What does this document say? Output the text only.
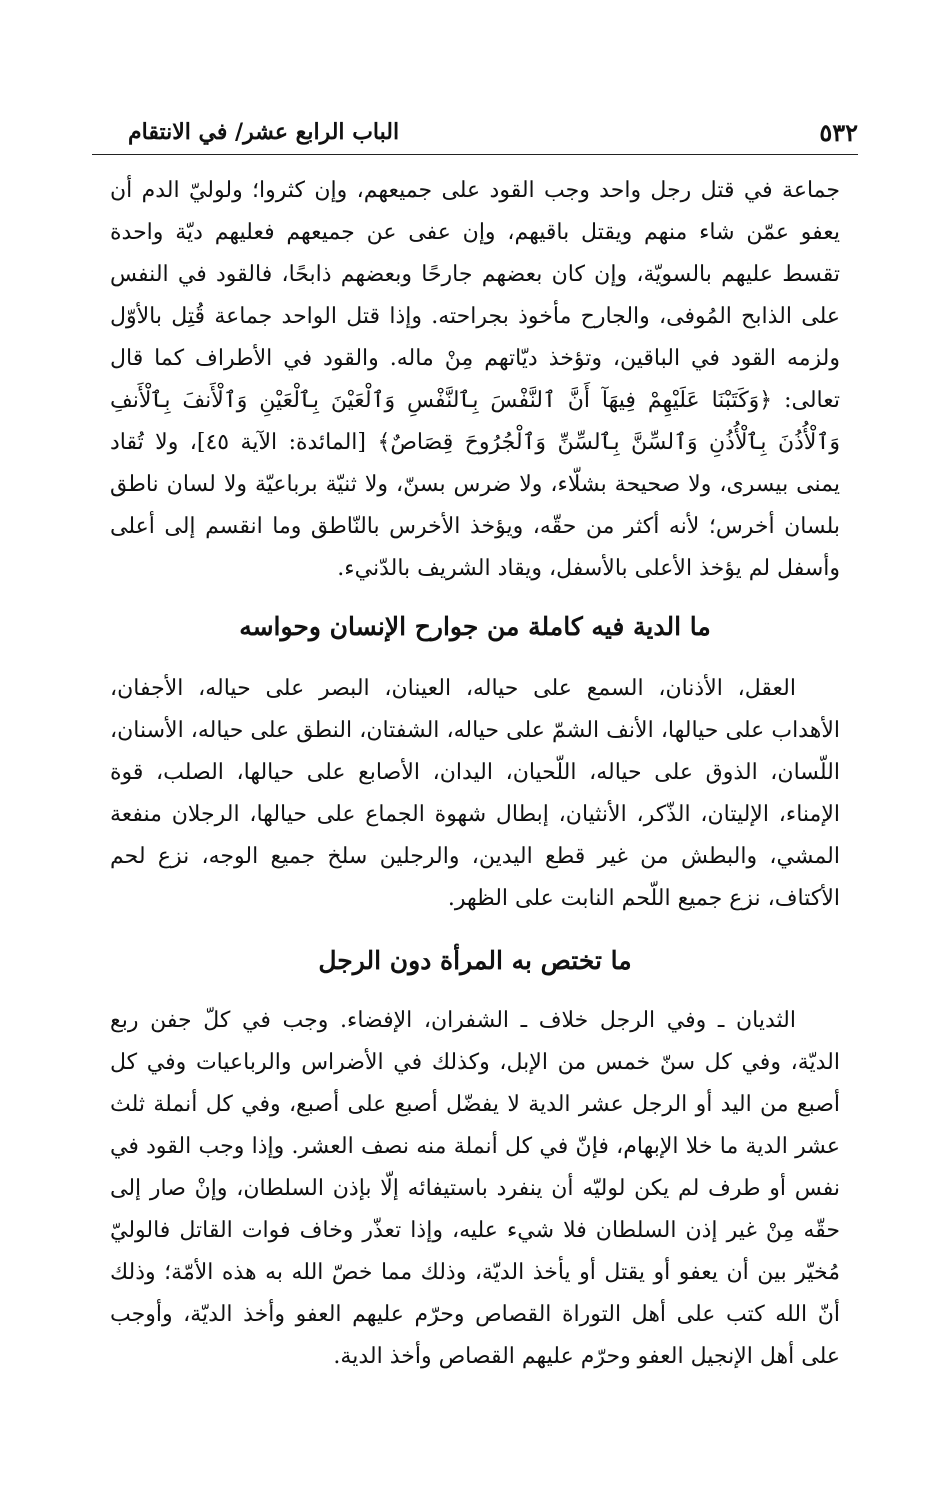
٥٣٢
الباب الرابع عشر/ في الانتقام

جماعة في قتل رجل واحد وجب القود على جميعهم، وإن كثروا؛ ولوليّ الدم أن يعفو عمّن شاء منهم ويقتل باقيهم، وإن عفى عن جميعهم فعليهم ديّة واحدة تقسط عليهم بالسويّة، وإن كان بعضهم جارحًا وبعضهم ذابحًا، فالقود في النفس على الذابح المُوفى، والجارح مأخوذ بجراحته. وإذا قتل الواحد جماعة قُتِل بالأوّل ولزمه القود في الباقين، وتؤخذ ديّاتهم مِنْ ماله. والقود في الأطراف كما قال تعالى: ﴿وَكَتَبْنَا عَلَيْهِمْ فِيهَآ أَنَّ ٱلنَّفْسَ بِٱلنَّفْسِ وَٱلْعَيْنَ بِٱلْعَيْنِ وَٱلْأَنفَ بِٱلْأَنفِ وَٱلْأُذُنَ بِٱلْأُذُنِ وَٱلسِّنَّ بِٱلسِّنِّ وَٱلْجُرُوحَ قِصَاصٌ﴾ [المائدة: الآية ٤٥]، ولا تُقاد يمنى بيسرى، ولا صحيحة بشلّاء، ولا ضرس بسنّ، ولا ثنيّة برباعيّة ولا لسان ناطق بلسان أخرس؛ لأنه أكثر من حقّه، ويؤخذ الأخرس بالنّاطق وما انقسم إلى أعلى وأسفل لم يؤخذ الأعلى بالأسفل، ويقاد الشريف بالدّنيء.

ما الدية فيه كاملة من جوارح الإنسان وحواسه

العقل، الأذنان، السمع على حياله، العينان، البصر على حياله، الأجفان، الأهداب على حيالها، الأنف الشمّ على حياله، الشفتان، النطق على حياله، الأسنان، اللّسان، الذوق على حياله، اللّحيان، اليدان، الأصابع على حيالها، الصلب، قوة الإمناء، الإليتان، الذّكر، الأنثيان، إبطال شهوة الجماع على حيالها، الرجلان منفعة المشي، والبطش من غير قطع اليدين، والرجلين سلخ جميع الوجه، نزع لحم الأكتاف، نزع جميع اللّحم النابت على الظهر.

ما تختص به المرأة دون الرجل

الثديان ـ وفي الرجل خلاف ـ الشفران، الإفضاء. وجب في كلّ جفن ربع الديّة، وفي كل سنّ خمس من الإبل، وكذلك في الأضراس والرباعيات وفي كل أصبع من اليد أو الرجل عشر الدية لا يفضّل أصبع على أصبع، وفي كل أنملة ثلث عشر الدية ما خلا الإبهام، فإنّ في كل أنملة منه نصف العشر. وإذا وجب القود في نفس أو طرف لم يكن لوليّه أن ينفرد باستيفائه إلّا بإذن السلطان، وإنْ صار إلى حقّه مِنْ غير إذن السلطان فلا شيء عليه، وإذا تعذّر وخاف فوات القاتل فالوليّ مُخيّر بين أن يعفو أو يقتل أو يأخذ الديّة، وذلك مما خصّ الله به هذه الأمّة؛ وذلك أنّ الله كتب على أهل التوراة القصاص وحرّم عليهم العفو وأخذ الديّة، وأوجب على أهل الإنجيل العفو وحرّم عليهم القصاص وأخذ الدية.
